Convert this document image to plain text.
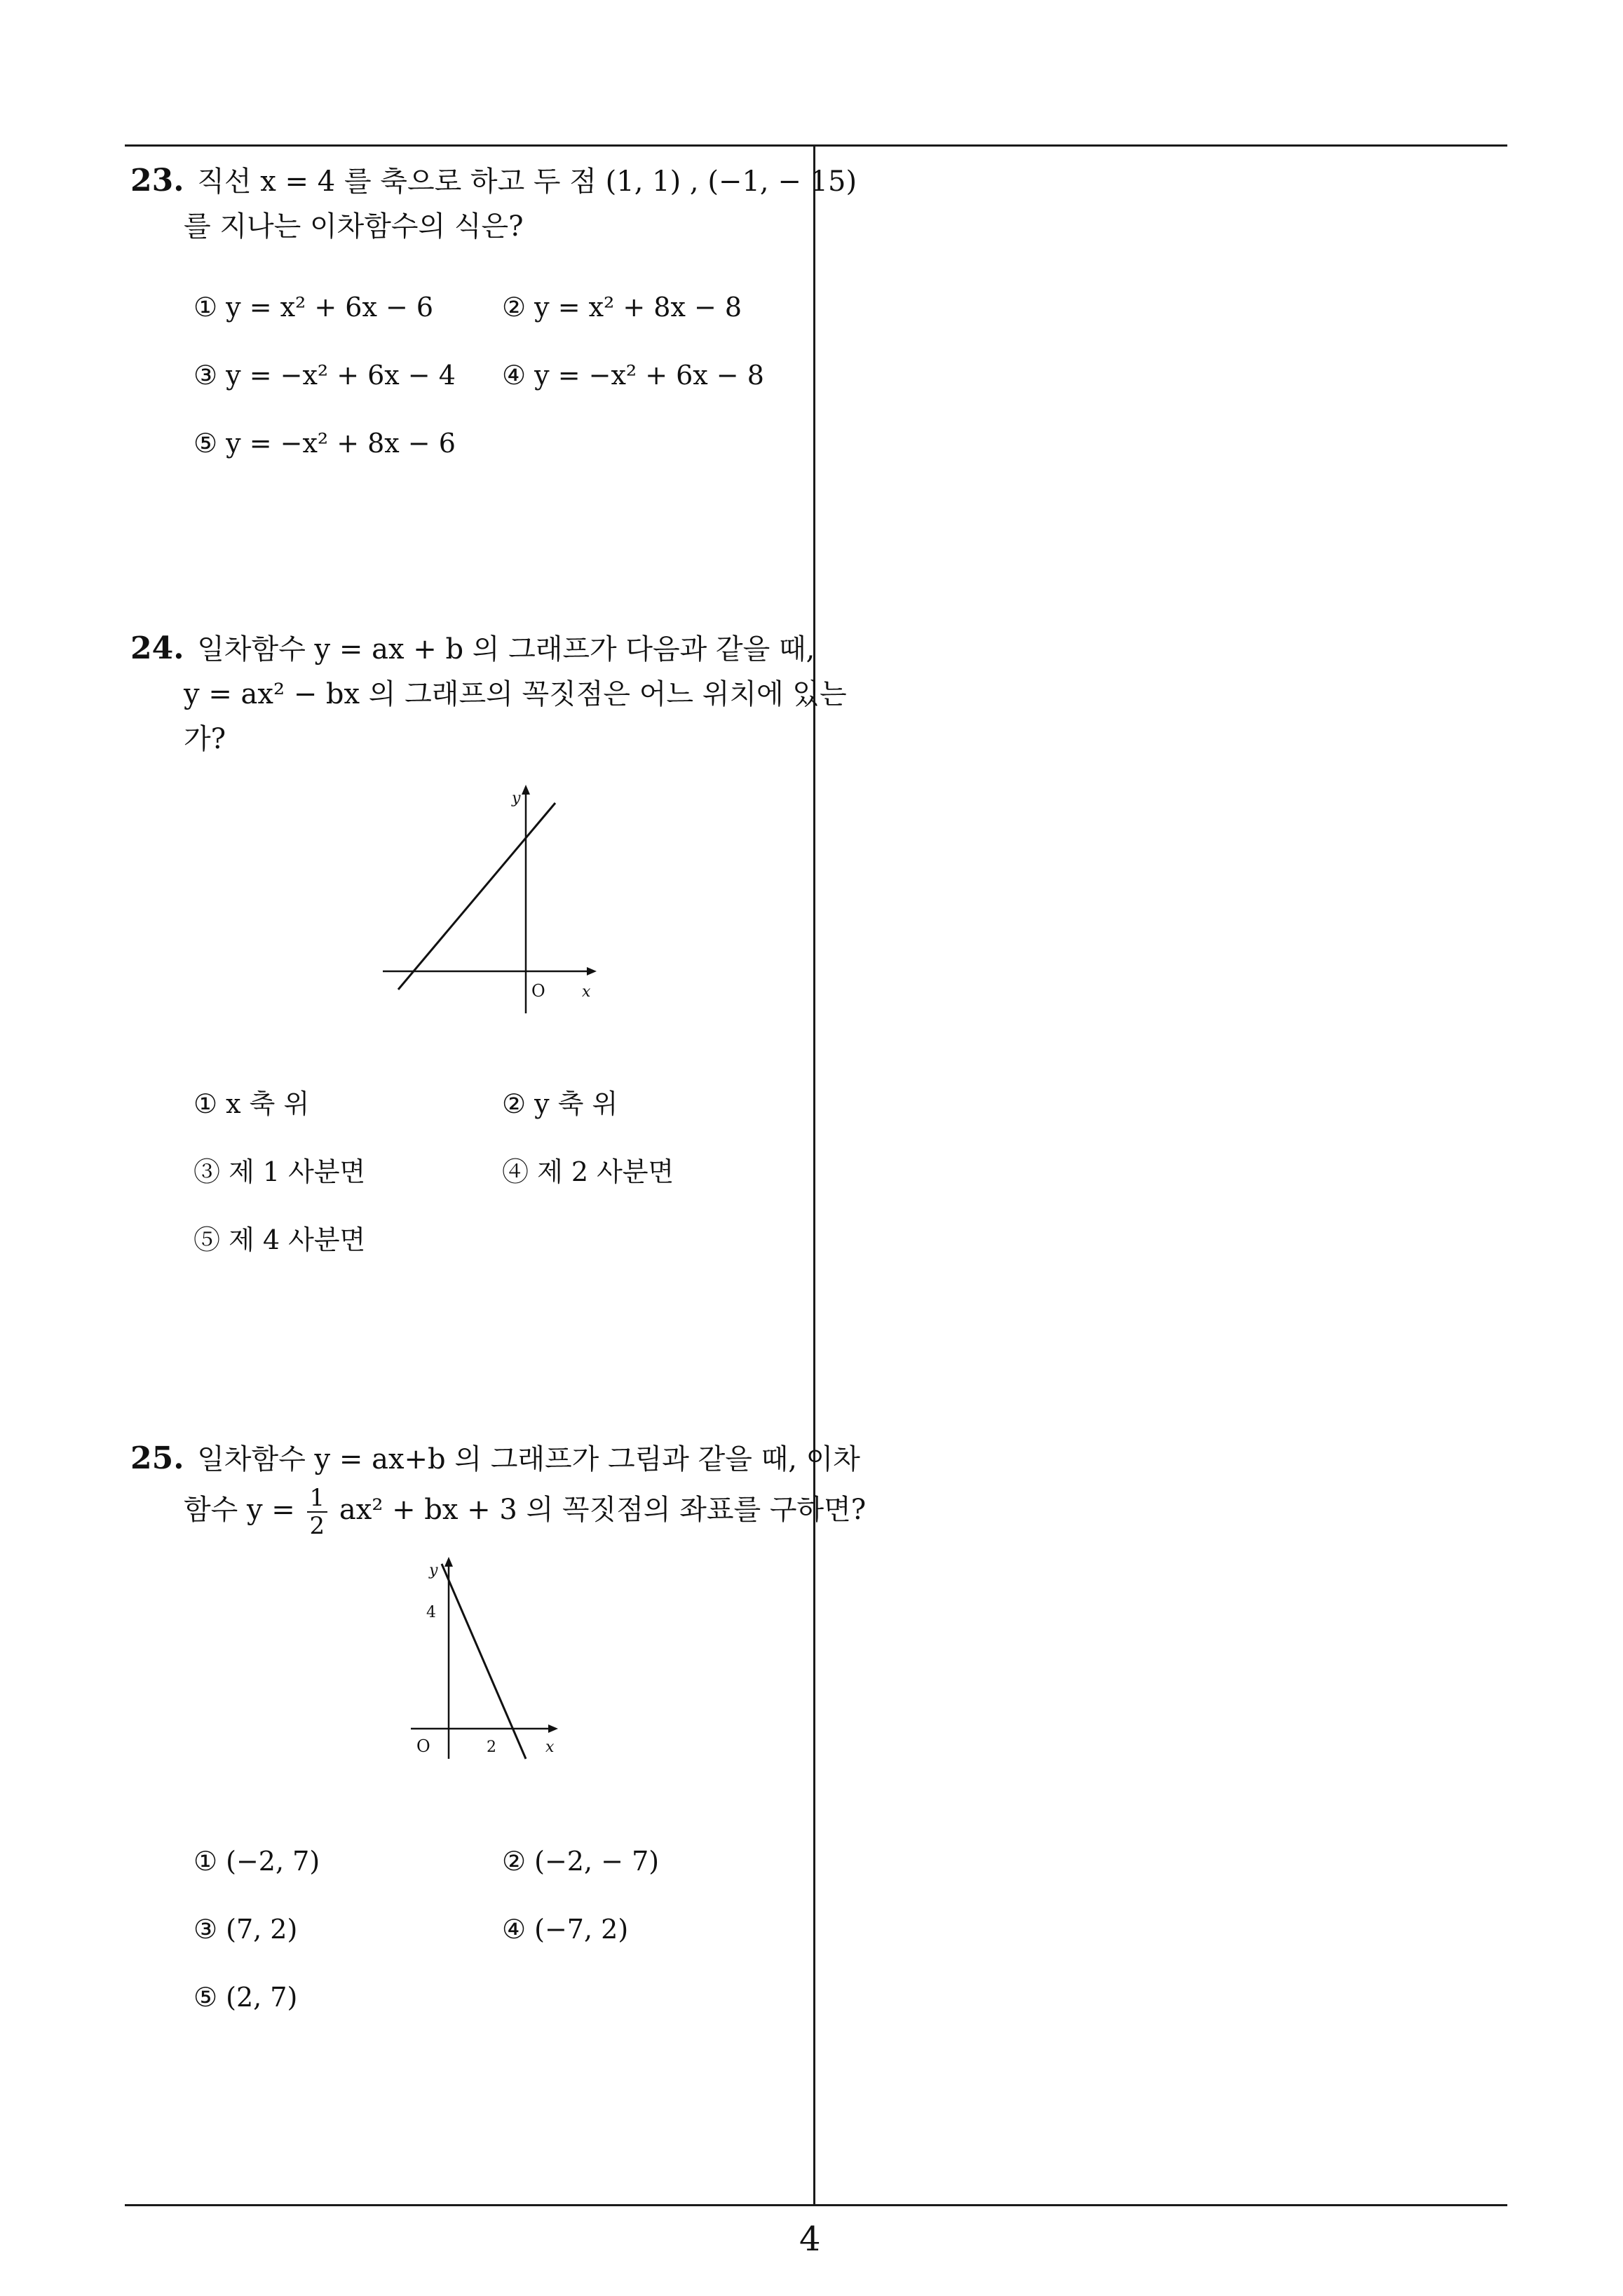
23. 직선 x = 4 를 축으로 하고 두 점 (1, 1) , (−1, − 15)
를 지나는 이차함수의 식은?
① y = x² + 6x − 6	② y = x² + 8x − 8
③ y = −x² + 6x − 4 ④ y = −x² + 6x − 8
⑤ y = −x² + 8x − 6
24. 일차함수 y = ax + b 의 그래프가 다음과 같을 때,
y = ax² − bx 의 그래프의 꼭짓점은 어느 위치에 있는
가?
y
x
O
① x 축 위	② y 축 위
③ 제 1 사분면	④ 제 2 사분면
⑤ 제 4 사분면
25. 일차함수 y = ax+b 의 그래프가 그림과 같을 때, 이차
함수 $y = \frac{1}{2} ax^2$ + bx + 3 의 꼭짓점의 좌표를 구하면?
y
4
O	2	x
① (−2, 7)	② (−2, − 7)
③ (7, 2)	④ (−7, 2)
⑤ (2, 7)
4
